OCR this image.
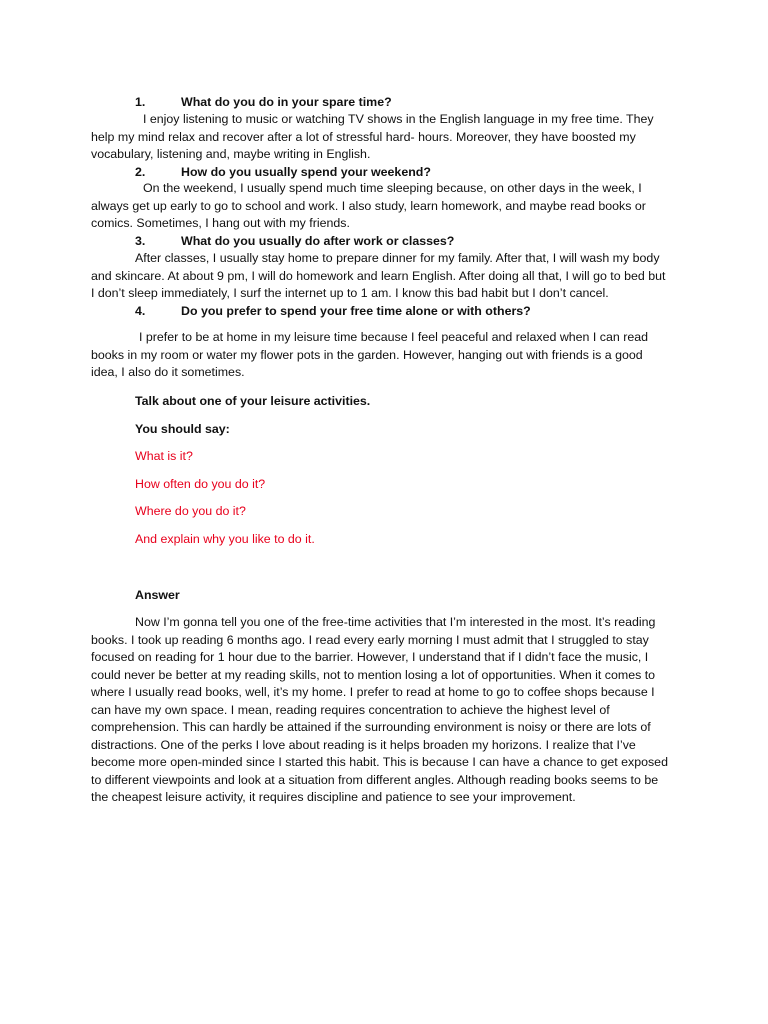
1.	What do you do in your spare time?

I enjoy listening to music or watching TV shows in the English language in my free time. They help my mind relax and recover after a lot of stressful hard- hours. Moreover, they have boosted my vocabulary, listening and, maybe writing in English.

2.	How do you usually spend your weekend?

On the weekend, I usually spend much time sleeping because, on other days in the week, I always get up early to go to school and work. I also study, learn homework, and maybe read books or comics. Sometimes, I hang out with my friends.

3.	What do you usually do after work or classes?

After classes, I usually stay home to prepare dinner for my family. After that, I will wash my body and skincare. At about 9 pm, I will do homework and learn English. After doing all that, I will go to bed but I don’t sleep immediately, I surf the internet up to 1 am. I know this bad habit but I don’t cancel.

4.	Do you prefer to spend your free time alone or with others?

I prefer to be at home in my leisure time because I feel peaceful and relaxed when I can read books in my room or water my flower pots in the garden. However, hanging out with friends is a good idea, I also do it sometimes.

Talk about one of your leisure activities.

You should say:

What is it?

How often do you do it?

Where do you do it?

And explain why you like to do it.

Answer

Now I’m gonna tell you one of the free-time activities that I’m interested in the most. It’s reading

books. I took up reading 6 months ago. I read every early morning I must admit that I struggled to stay

focused on reading for 1 hour due to the barrier. However, I understand that if I didn’t face the music, I

could never be better at my reading skills, not to mention losing a lot of opportunities. When it comes to

where I usually read books, well, it’s my home. I prefer to read at home to go to coffee shops because I

can have my own space. I mean, reading requires concentration to achieve the highest level of

comprehension. This can hardly be attained if the surrounding environment is noisy or there are lots of

distractions. One of the perks I love about reading is it helps broaden my horizons. I realize that I’ve

become more open-minded since I started this habit. This is because I can have a chance to get exposed

to different viewpoints and look at a situation from different angles. Although reading books seems to be

the cheapest leisure activity, it requires discipline and patience to see your improvement.
